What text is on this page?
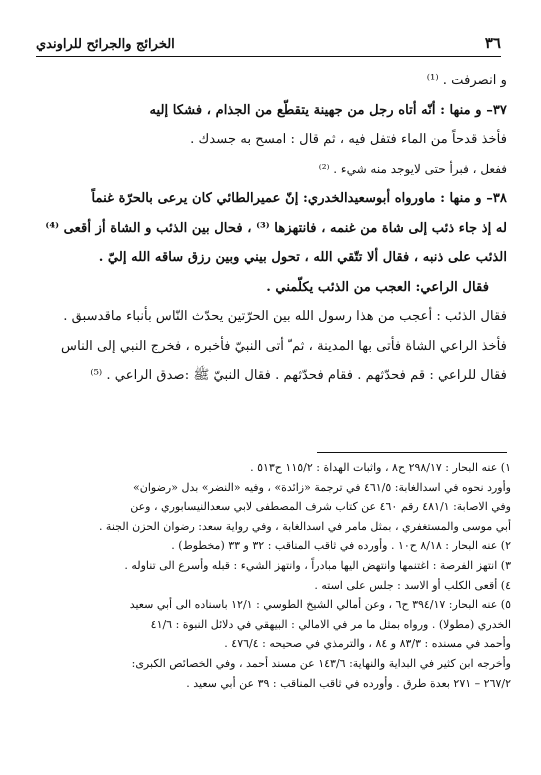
٣٦
الخرائج والجرائح للراوندي
و انصرفت . ⁽¹⁾
٣٧– و منها : أنّه أتاه رجل من جهينة يتقطّع من الجذام ، فشكا إليه
فأخذ قدحاً من الماء فتفل فيه ، ثم قال : امسح به جسدك .
ففعل ، فبرأ حتى لايوجد منه شيء . ⁽²⁾
٣٨– و منها : ماورواه أبوسعيدالخدري: إنّ عميرالطائي كان يرعى بالحرّة غنماً
له إذ جاء ذئب إلى شاة من غنمه ، فانتهزها ⁽³⁾ ، فحال بين الذئب و الشاة أز أقعى ⁽⁴⁾
الذئب على ذنبه ، فقال ألا تتّقي الله ، تحول بيني وبين رزق ساقه الله إليّ .
فقال الراعي: العجب من الذئب يكلّمني .
فقال الذئب : أعجب من هذا رسول الله بين الحرّتين يحدّث النّاس بأنباء ماقدسبق .
فأخذ الراعي الشاة فأتى بها المدينة ، ثم ّ أتى النبيّ فأخبره ، فخرج النبي إلى الناس
فقال للراعي : قم فحدّثهم . فقام فحدّثهم . فقال النبيّ ﷺ :صدق الراعي . ⁽⁵⁾
١) عنه البحار : ٢٩٨/١٧ ح٨ ، واثبات الهداة : ١١٥/٢ ح٥١٣ .
وأورد نحوه في اسدالغابة: ٤٦١/٥ في ترجمة «زائدة» ، وفيه «النضر» بدل «رضوان»
وفي الاصابة: ٤٨١/١ رقم ٤٦٠ عن كتاب شرف المصطفى لابي سعدالنيسابوري ، وعن
أبي موسى والمستغفري ، بمثل مامر في اسدالغابة ، وفي رواية سعد: رضوان الحزن الجنة .
٢) عنه البحار : ٨/١٨ ح١٠ . وأورده في ثاقب المناقب : ٣٢ و ٣٣ (مخطوط) .
٣) انتهز الفرصة : اغتنمها وانتهض اليها مبادراً ، وانتهز الشيء : قبله وأسرع الى تناوله .
٤) أقعى الكلب أو الاسد : جلس على استه .
٥) عنه البحار: ٣٩٤/١٧ ح٦ ، وعن أمالي الشيخ الطوسي : ١٢/١ باسناده الى أبي سعيد
الخدري (مطولا) . ورواه بمثل ما مر في الامالي : البيهقي في دلائل النبوة : ٤١/٦
وأحمد في مسنده : ٨٣/٣ و ٨٤ ، والترمذي في صحيحه : ٤٧٦/٤ .
وأخرجه ابن كثير في البداية والنهاية: ١٤٣/٦ عن مسند أحمد ، وفي الخصائص الكبرى:
٢٦٧/٢ – ٢٧١ بعدة طرق . وأورده في ثاقب المناقب : ٣٩ عن أبي سعيد .
